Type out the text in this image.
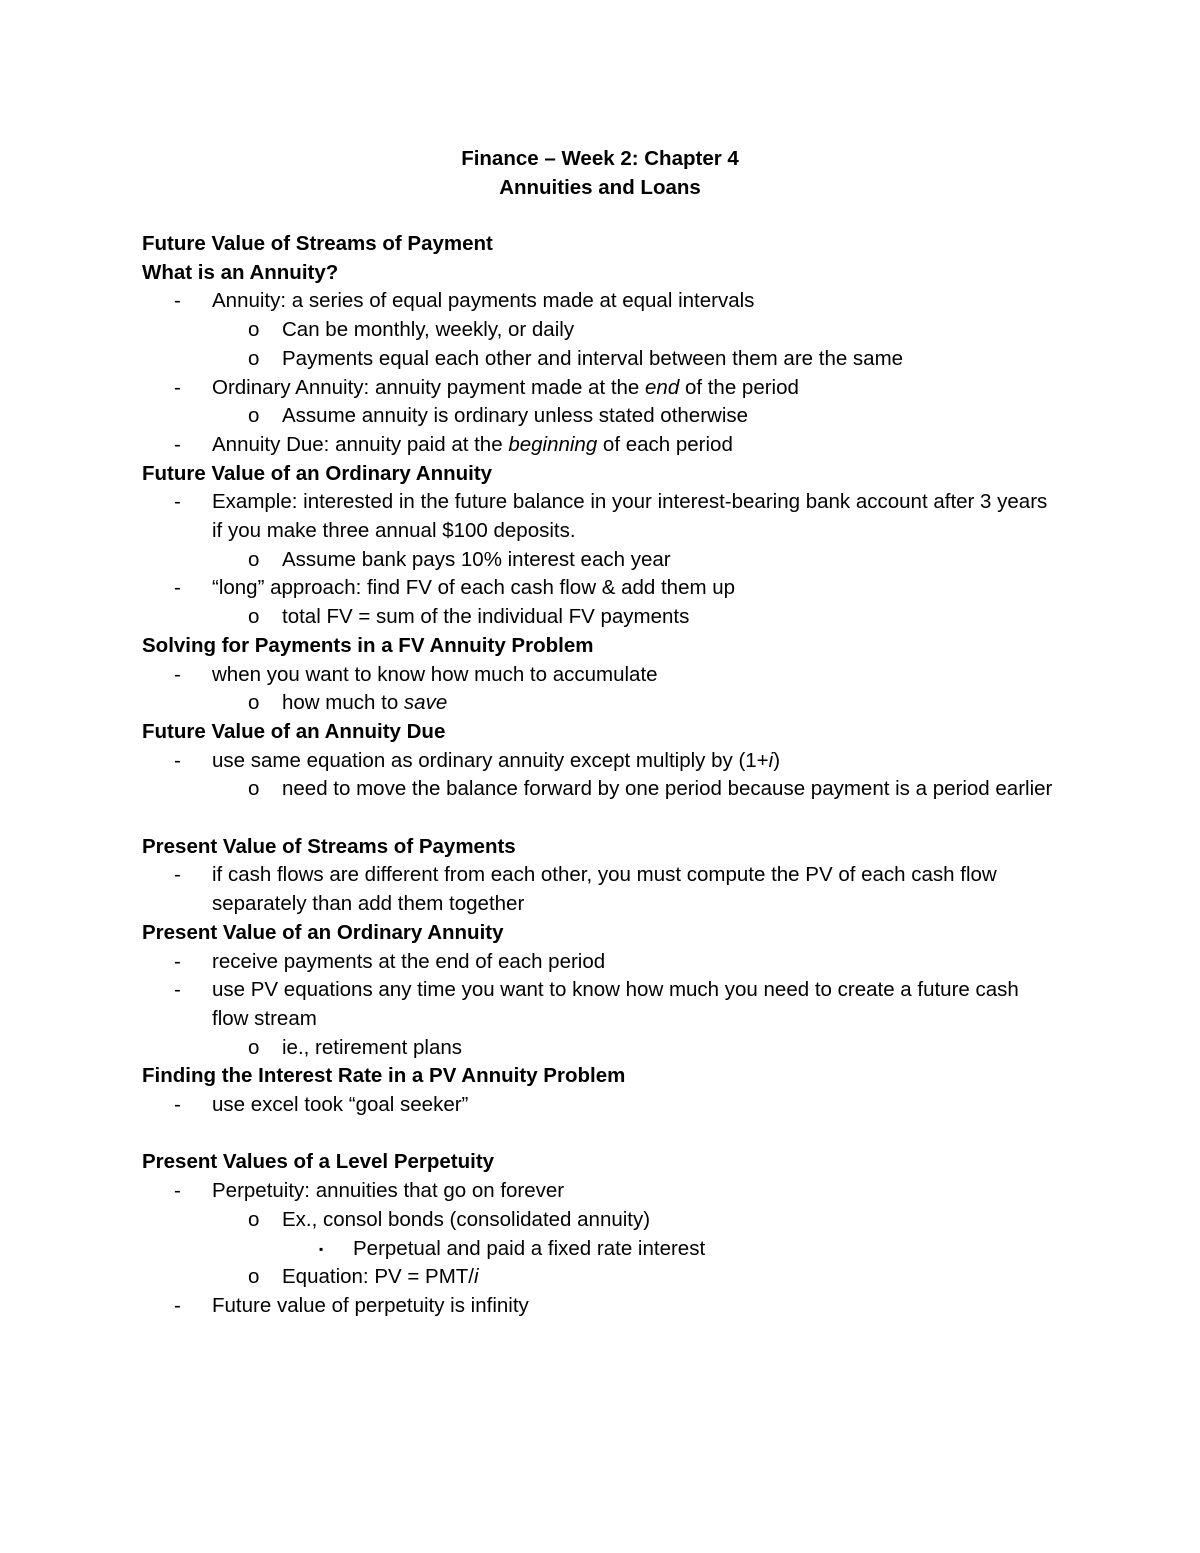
Finance – Week 2: Chapter 4
Annuities and Loans
Future Value of Streams of Payment
What is an Annuity?
- Annuity: a series of equal payments made at equal intervals
o Can be monthly, weekly, or daily
o Payments equal each other and interval between them are the same
- Ordinary Annuity: annuity payment made at the end of the period
o Assume annuity is ordinary unless stated otherwise
- Annuity Due: annuity paid at the beginning of each period
Future Value of an Ordinary Annuity
- Example: interested in the future balance in your interest-bearing bank account after 3 years if you make three annual $100 deposits.
o Assume bank pays 10% interest each year
- “long” approach: find FV of each cash flow & add them up
o total FV = sum of the individual FV payments
Solving for Payments in a FV Annuity Problem
- when you want to know how much to accumulate
o how much to save
Future Value of an Annuity Due
- use same equation as ordinary annuity except multiply by (1+i)
o need to move the balance forward by one period because payment is a period earlier
Present Value of Streams of Payments
- if cash flows are different from each other, you must compute the PV of each cash flow separately than add them together
Present Value of an Ordinary Annuity
- receive payments at the end of each period
- use PV equations any time you want to know how much you need to create a future cash flow stream
o ie., retirement plans
Finding the Interest Rate in a PV Annuity Problem
- use excel took “goal seeker”
Present Values of a Level Perpetuity
- Perpetuity: annuities that go on forever
o Ex., consol bonds (consolidated annuity)
▪ Perpetual and paid a fixed rate interest
o Equation: PV = PMT/i
- Future value of perpetuity is infinity
